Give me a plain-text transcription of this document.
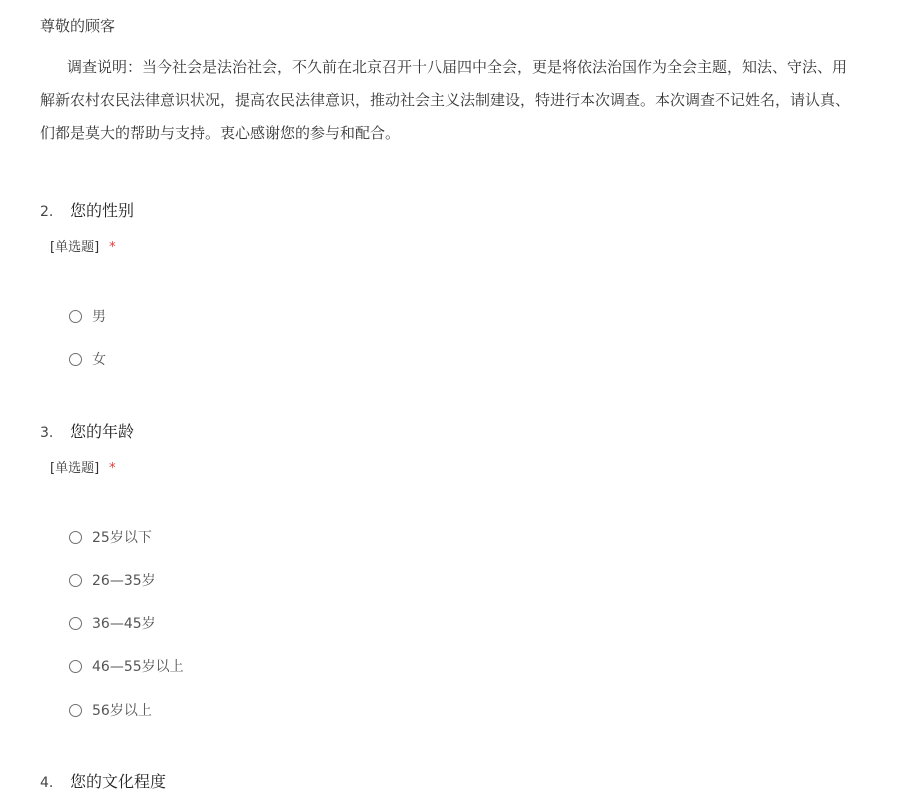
尊敬的顾客
调查说明：当今社会是法治社会，不久前在北京召开十八届四中全会，更是将依法治国作为全会主题，知法、守法、用
解新农村农民法律意识状况，提高农民法律意识，推动社会主义法制建设，特进行本次调查。本次调查不记姓名，请认真、
们都是莫大的帮助与支持。衷心感谢您的参与和配合。
2. 您的性别
[单选题] *
男
女
3. 您的年龄
[单选题] *
25岁以下
26—35岁
36—45岁
46—55岁以上
56岁以上
4. 您的文化程度
